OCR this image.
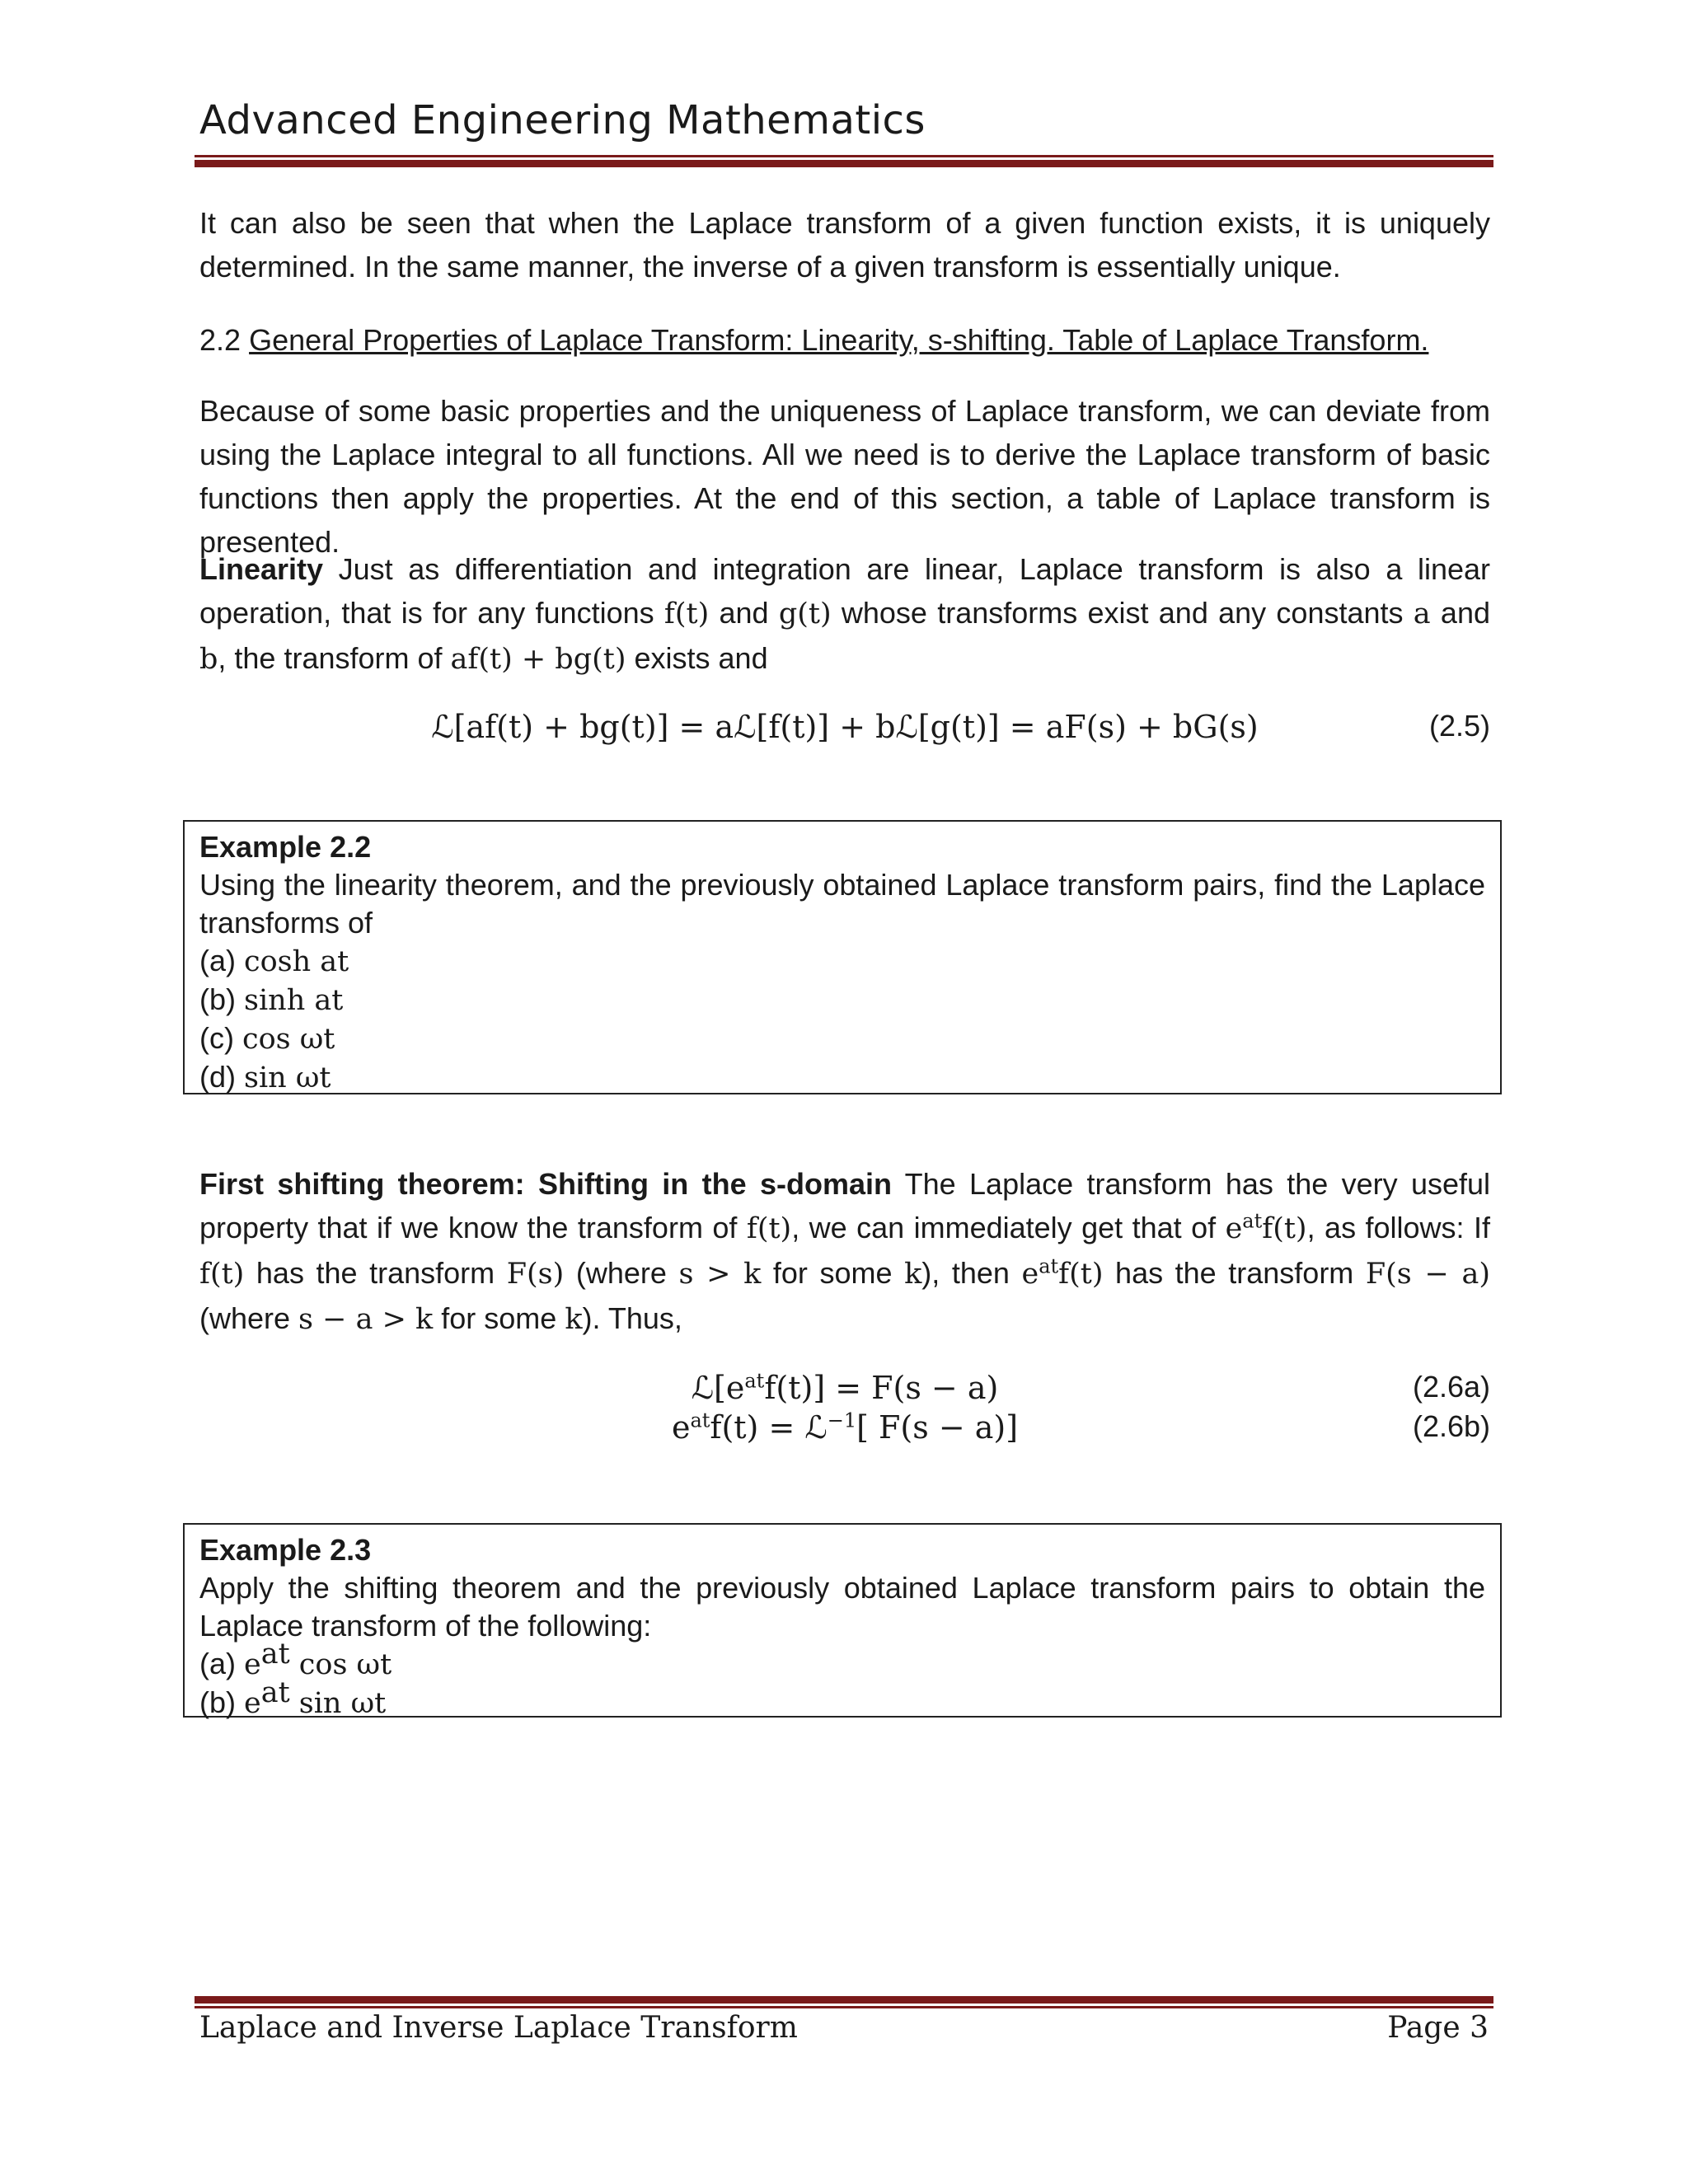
Advanced Engineering Mathematics
It can also be seen that when the Laplace transform of a given function exists, it is uniquely determined. In the same manner, the inverse of a given transform is essentially unique.
2.2 General Properties of Laplace Transform: Linearity, s-shifting. Table of Laplace Transform.
Because of some basic properties and the uniqueness of Laplace transform, we can deviate from using the Laplace integral to all functions. All we need is to derive the Laplace transform of basic functions then apply the properties. At the end of this section, a table of Laplace transform is presented.
Linearity Just as differentiation and integration are linear, Laplace transform is also a linear operation, that is for any functions f(t) and g(t) whose transforms exist and any constants a and b, the transform of af(t) + bg(t) exists and
ℒ[af(t) + bg(t)] = aℒ[f(t)] + bℒ[g(t)] = aF(s) + bG(s)	(2.5)
Example 2.2
Using the linearity theorem, and the previously obtained Laplace transform pairs, find the Laplace transforms of
(a) cosh at
(b) sinh at
(c) cos ωt
(d) sin ωt
First shifting theorem: Shifting in the s-domain The Laplace transform has the very useful property that if we know the transform of f(t), we can immediately get that of $e^{at}f(t)$, as follows: If f(t) has the transform F(s) (where s > k for some k), then $e^{at}f(t)$ has the transform F(s − a) (where s − a > k for some k). Thus,
$ℒ[e^{at}f(t)] = F(s - a)$	(2.6a)
$e^{at}f(t)$ = ℒ$^{-1}$[ F(s − a)]	(2.6b)
Example 2.3
Apply the shifting theorem and the previously obtained Laplace transform pairs to obtain the Laplace transform of the following:
(a) $e^{at}$ cos ωt
(b) $e^{at}$ sin ωt
Laplace and Inverse Laplace Transform	Page 3
